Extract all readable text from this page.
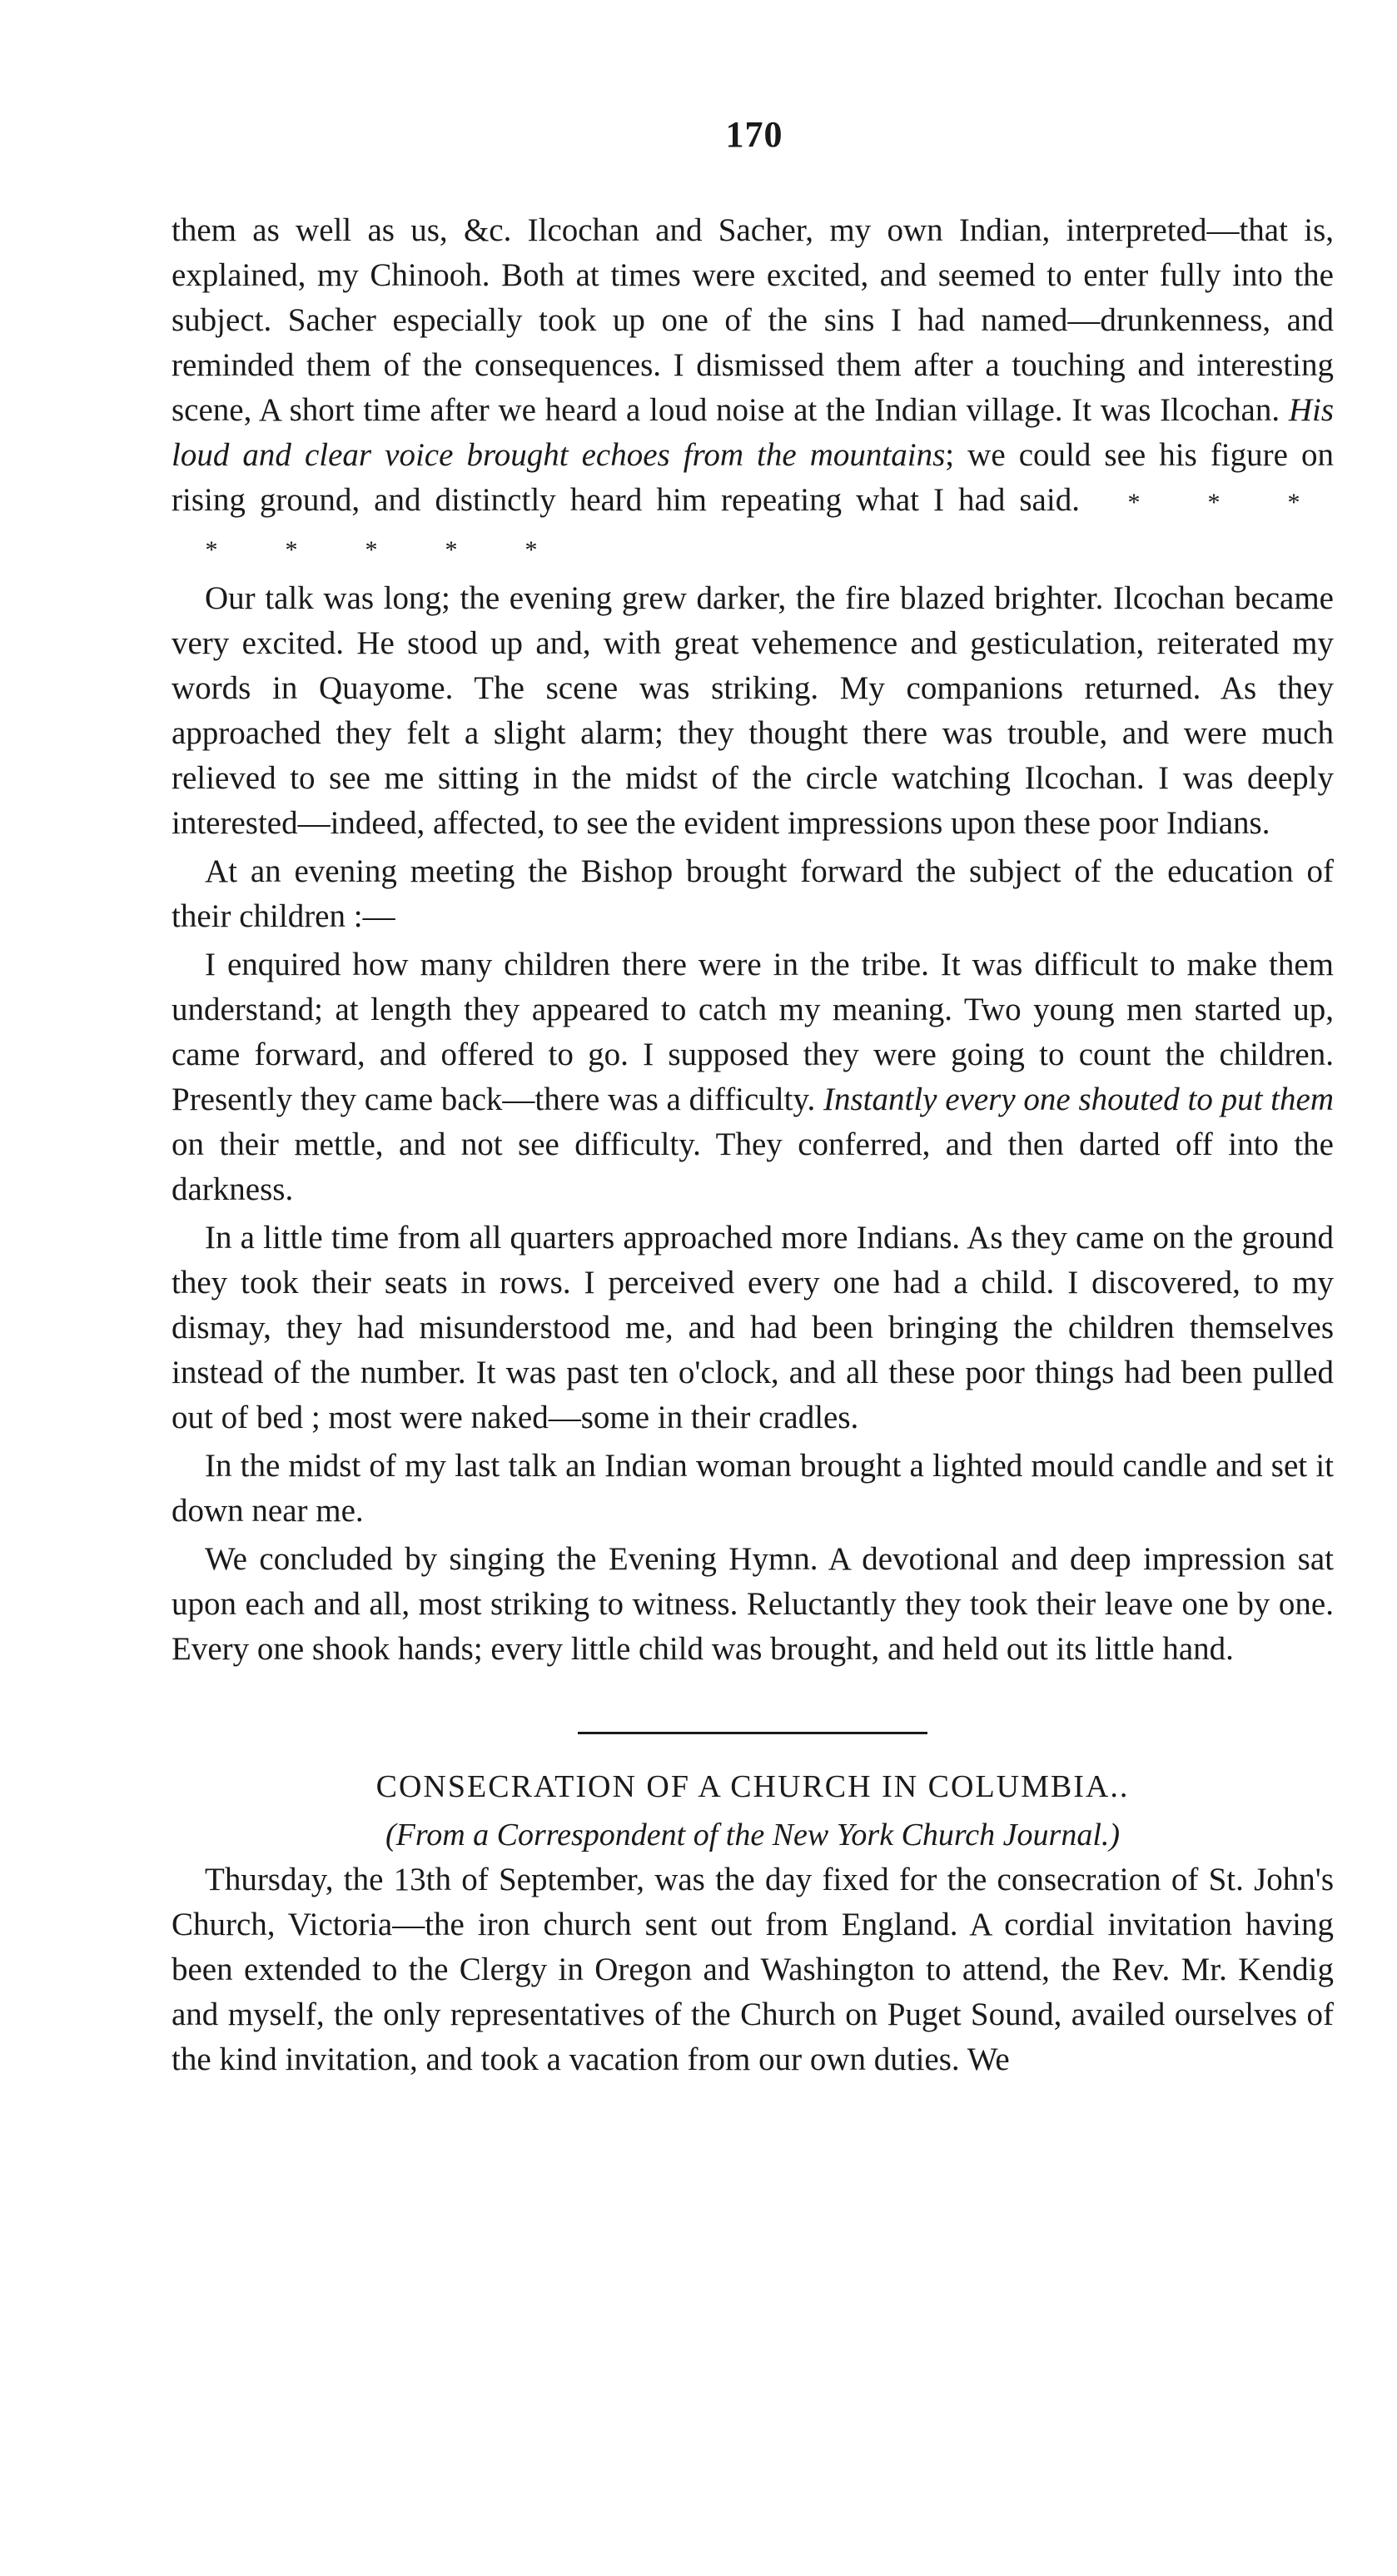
170

them as well as us, &c. Ilcochan and Sacher, my own Indian, interpreted—that is, explained, my Chinooh. Both at times were excited, and seemed to enter fully into the subject. Sacher especially took up one of the sins I had named—drunkenness, and reminded them of the consequences. I dismissed them after a touching and interesting scene, A short time after we heard a loud noise at the Indian village. It was Ilcochan. His loud and clear voice brought echoes from the mountains; we could see his figure on rising ground, and distinctly heard him repeating what I had said. *	*	**	*	*	*	*

Our talk was long; the evening grew darker, the fire blazed brighter. Ilcochan became very excited. He stood up and, with great vehemence and gesticulation, reiterated my words in Quayome. The scene was striking. My companions returned. As they approached they felt a slight alarm; they thought there was trouble, and were much relieved to see me sitting in the midst of the circle watching Ilcochan. I was deeply interested—indeed, affected, to see the evident impressions upon these poor Indians.

At an evening meeting the Bishop brought forward the subject of the education of their children :—

I enquired how many children there were in the tribe. It was difficult to make them understand; at length they appeared to catch my meaning. Two young men started up, came forward, and offered to go. I supposed they were going to count the children. Presently they came back—there was a difficulty. Instantly every one shouted to put them on their mettle, and not see difficulty. They conferred, and then darted off into the darkness.

In a little time from all quarters approached more Indians. As they came on the ground they took their seats in rows. I perceived every one had a child. I discovered, to my dismay, they had misunderstood me, and had been bringing the children themselves instead of the number. It was past ten o'clock, and all these poor things had been pulled out of bed ; most were naked—some in their cradles.

In the midst of my last talk an Indian woman brought a lighted mould candle and set it down near me.

We concluded by singing the Evening Hymn. A devotional and deep impression sat upon each and all, most striking to witness. Reluctantly they took their leave one by one. Every one shook hands; every little child was brought, and held out its little hand.

CONSECRATION OF A CHURCH IN COLUMBIA..
(From a Correspondent of the New York Church Journal.)

Thursday, the 13th of September, was the day fixed for the consecration of St. John's Church, Victoria—the iron church sent out from England. A cordial invitation having been extended to the Clergy in Oregon and Washington to attend, the Rev. Mr. Kendig and myself, the only representatives of the Church on Puget Sound, availed ourselves of the kind invitation, and took a vacation from our own duties. We
